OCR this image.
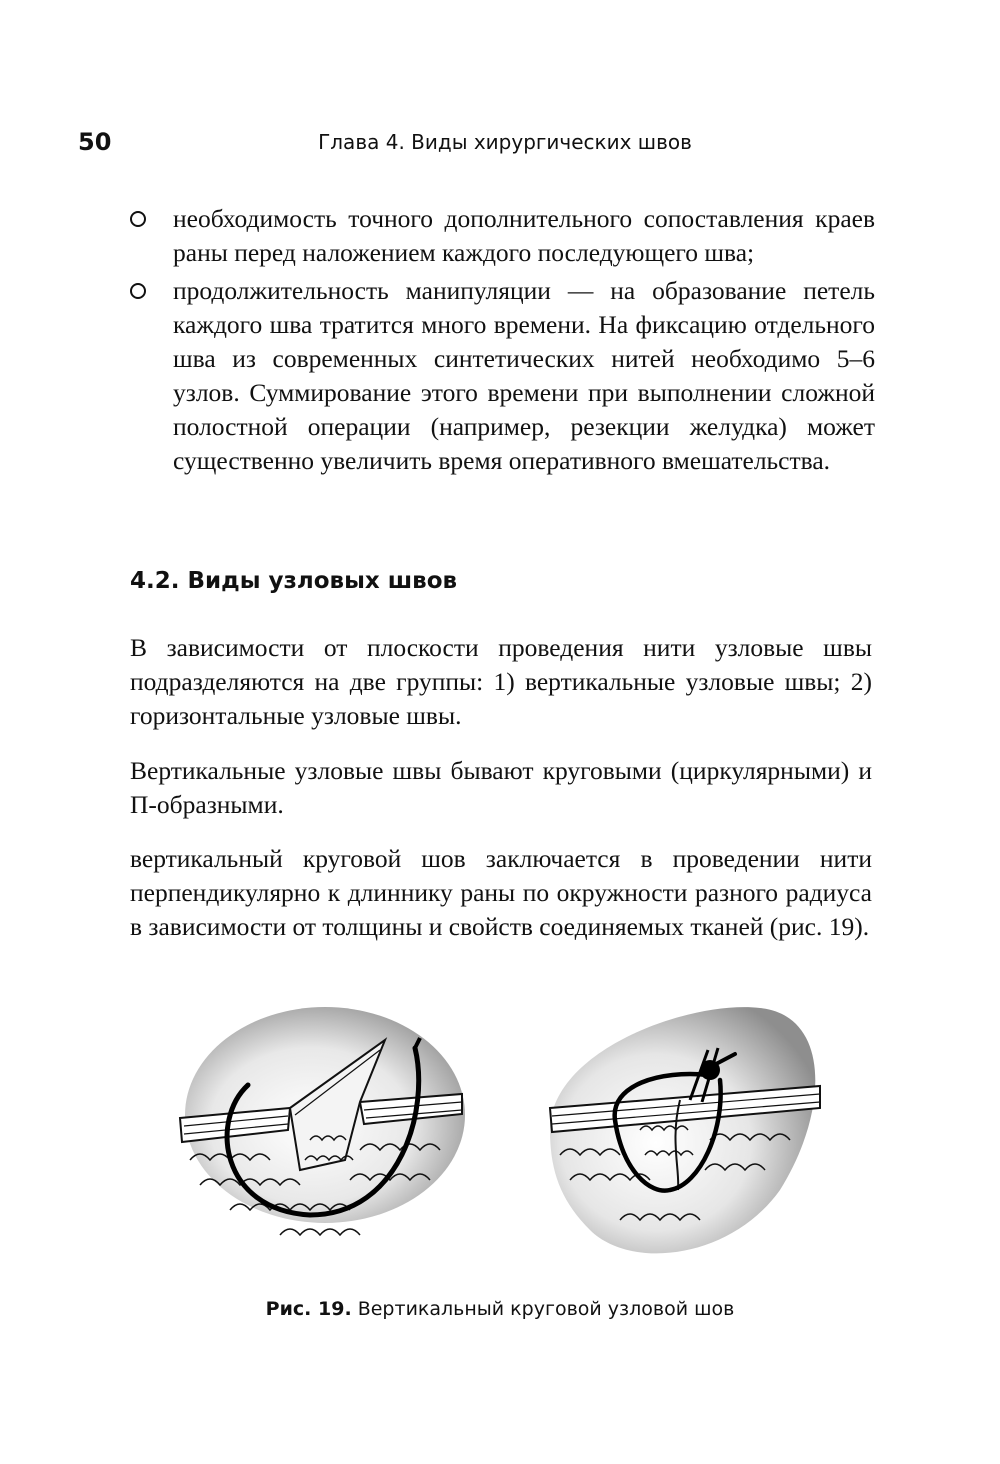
50	Глава 4. Виды хирургических швов
необходимость точного дополнительного сопоставления краев раны перед наложением каждого последующего шва;
продолжительность манипуляции — на образование петель каждого шва тратится много времени. На фиксацию отдельного шва из современных синтетических нитей необходимо 5–6 узлов. Суммирование этого времени при выполнении сложной полостной операции (например, резекции желудка) может существенно увеличить время оперативного вмешательства.
4.2. Виды узловых швов
В зависимости от плоскости проведения нити узловые швы подразделяются на две группы: 1) вертикальные узловые швы; 2) горизонтальные узловые швы.
Вертикальные узловые швы бывают круговыми (циркулярными) и П-образными.
вертикальный круговой шов заключается в проведении нити перпендикулярно к длиннику раны по окружности разного радиуса в зависимости от толщины и свойств соединяемых тканей (рис. 19).
Рис. 19. Вертикальный круговой узловой шов
